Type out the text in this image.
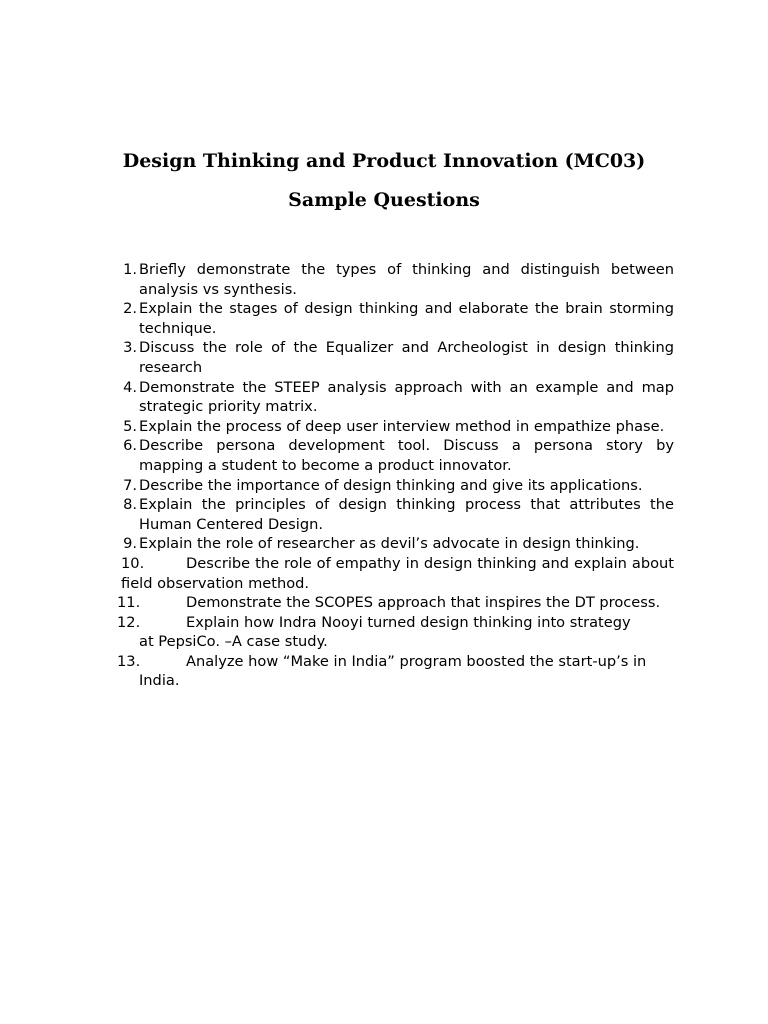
Design Thinking and Product Innovation (MC03)
Sample Questions
1. Briefly demonstrate the types of thinking and distinguish between analysis vs synthesis.
2. Explain the stages of design thinking and elaborate the brain storming technique.
3. Discuss the role of the Equalizer and Archeologist in design thinking research
4. Demonstrate the STEEP analysis approach with an example and map strategic priority matrix.
5. Explain the process of deep user interview method in empathize phase.
6. Describe persona development tool. Discuss a persona story by mapping a student to become a product innovator.
7. Describe the importance of design thinking and give its applications.
8. Explain the principles of design thinking process that attributes the Human Centered Design.
9. Explain the role of researcher as devil’s advocate in design thinking.
10.	Describe the role of empathy in design thinking and explain about field observation method.
11.	Demonstrate the SCOPES approach that inspires the DT process.
12.	Explain how Indra Nooyi turned design thinking into strategy
at PepsiCo. –A case study.
13.	Analyze how “Make in India” program boosted the start-up’s in India.
